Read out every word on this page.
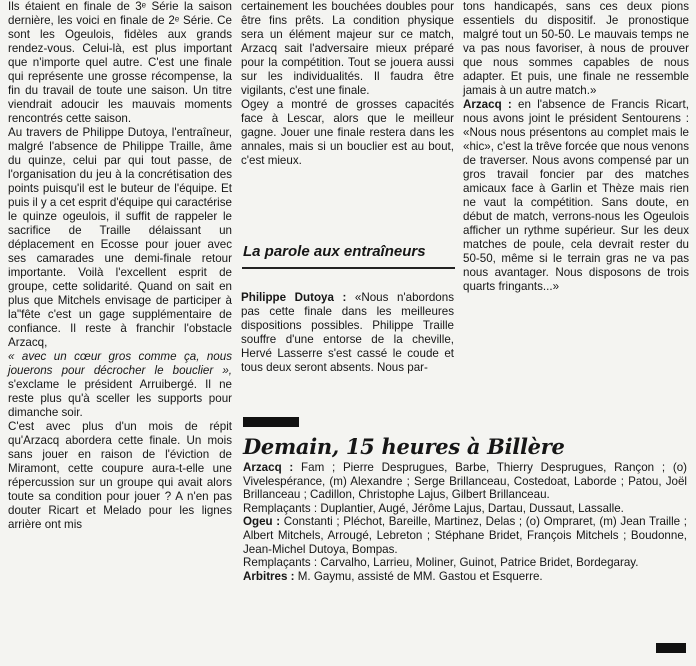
Ils étaient en finale de 3ᵉ Série la saison dernière, les voici en finale de 2ᵉ Série. Ce sont les Ogeulois, fidèles aux grands rendez-vous. Celui-là, est plus important que n'importe quel autre. C'est une finale qui représente une grosse récompense, la fin du travail de toute une saison. Un titre viendrait adoucir les mauvais moments rencontrés cette saison.

Au travers de Philippe Dutoya, l'entraîneur, malgré l'absence de Philippe Traille, âme du quinze, celui par qui tout passe, de l'organisation du jeu à la concrétisation des points puisqu'il est le buteur de l'équipe. Et puis il y a cet esprit d'équipe qui caractérise le quinze ogeulois, il suffit de rappeler le sacrifice de Traille délaissant un déplacement en Ecosse pour jouer avec ses camarades une demi-finale retour importante. Voilà l'excellent esprit de groupe, cette solidarité. Quand on sait en plus que Mitchels envisage de participer à la"fête c'est un gage supplémentaire de confiance. Il reste à franchir l'obstacle Arzacq,

« avec un cœur gros comme ça, nous jouerons pour décrocher le bouclier », s'exclame le président Arruibergé. Il ne reste plus qu'à sceller les supports pour dimanche soir.

C'est avec plus d'un mois de répit qu'Arzacq abordera cette finale. Un mois sans jouer en raison de l'éviction de Miramont, cette coupure aura-t-elle une répercussion sur un groupe qui avait alors toute sa condition pour jouer ? A n'en pas douter Ricart et Melado pour les lignes arrière ont mis

certainement les bouchées doubles pour être fins prêts. La condition physique sera un élément majeur sur ce match, Arzacq sait l'adversaire mieux préparé pour la compétition. Tout se jouera aussi sur les individualités. Il faudra être vigilants, c'est une finale.

Ogey a montré de grosses capacités face à Lescar, alors que le meilleur gagne. Jouer une finale restera dans les annales, mais si un bouclier est au bout, c'est mieux.

La parole aux entraîneurs

Philippe Dutoya : «Nous n'abordons pas cette finale dans les meilleures dispositions possibles. Philippe Traille souffre d'une entorse de la cheville, Hervé Lasserre s'est cassé le coude et tous deux seront absents. Nous par-

tons handicapés, sans ces deux pions essentiels du dispositif. Je pronostique malgré tout un 50-50. Le mauvais temps ne va pas nous favoriser, à nous de prouver que nous sommes capables de nous adapter. Et puis, une finale ne ressemble jamais à un autre match.»

Arzacq : en l'absence de Francis Ricart, nous avons joint le président Sentourens : «Nous nous présentons au complet mais le «hic», c'est la trêve forcée que nous venons de traverser. Nous avons compensé par un gros travail foncier par des matches amicaux face à Garlin et Thèze mais rien ne vaut la compétition. Sans doute, en début de match, verrons-nous les Ogeulois afficher un rythme supérieur. Sur les deux matches de poule, cela devrait rester du 50-50, même si le terrain gras ne va pas nous avantager. Nous disposons de trois quarts fringants...»

Demain, 15 heures à Billère

Arzacq : Fam ; Pierre Desprugues, Barbe, Thierry Desprugues, Rançon ; (o) Vivelespérance, (m) Alexandre ; Serge Brillanceau, Costedoat, Laborde ; Patou, Joël Brillanceau ; Cadillon, Christophe Lajus, Gilbert Brillanceau.

Remplaçants : Duplantier, Augé, Jérôme Lajus, Dartau, Dussaut, Lassalle.

Ogeu : Constanti ; Pléchot, Bareille, Martinez, Delas ; (o) Ompraret, (m) Jean Traille ; Albert Mitchels, Arrougé, Lebreton ; Stéphane Bridet, François Mitchels ; Boudonne, Jean-Michel Dutoya, Bompas.

Remplaçants : Carvalho, Larrieu, Moliner, Guinot, Patrice Bridet, Bordegaray.

Arbitres : M. Gaymu, assisté de MM. Gastou et Esquerre.
